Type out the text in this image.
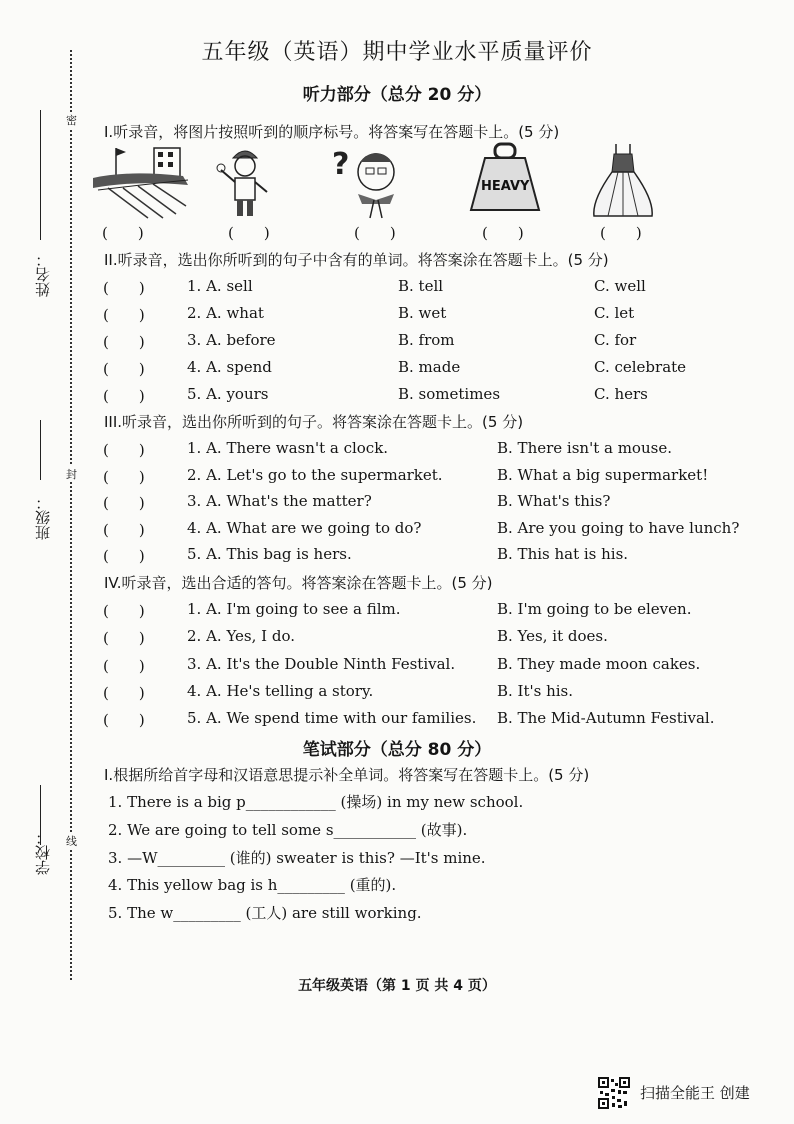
密
封
线
姓名：
班级：
学校：
五年级（英语）期中学业水平质量评价
听力部分（总分 20 分）
I.听录音，将图片按照听到的顺序标号。将答案写在答题卡上。(5 分)
?
HEAVY
(　　)	(　　)	(　　)	(　　)	(　　)
II.听录音，选出你所听到的句子中含有的单词。将答案涂在答题卡上。(5 分)
(　　)	1. A. sell	B. tell	C. well
(　　)	2. A. what	B. wet	C. let
(　　)	3. A. before	B. from	C. for
(　　)	4. A. spend	B. made	C. celebrate
(　　)	5. A. yours	B. sometimes	C. hers
III.听录音，选出你所听到的句子。将答案涂在答题卡上。(5 分)
(　　)	1. A. There wasn't a clock.	B. There isn't a mouse.
(　　)	2. A. Let's go to the supermarket.	B. What a big supermarket!
(　　)	3. A. What's the matter?	B. What's this?
(　　)	4. A. What are we going to do?	B. Are you going to have lunch?
(　　)	5. A. This bag is hers.	B. This hat is his.
IV.听录音，选出合适的答句。将答案涂在答题卡上。(5 分)
(　　)	1. A. I'm going to see a film.	B. I'm going to be eleven.
(　　)	2. A. Yes, I do.	B. Yes, it does.
(　　)	3. A. It's the Double Ninth Festival.	B. They made moon cakes.
(　　)	4. A. He's telling a story.	B. It's his.
(　　)	5. A. We spend time with our families. B. The Mid-Autumn Festival.
笔试部分（总分 80 分）
I.根据所给首字母和汉语意思提示补全单词。将答案写在答题卡上。(5 分)
1. There is a big p____________ (操场) in my new school.
2. We are going to tell some s___________ (故事).
3. —W_________ (谁的) sweater is this? —It's mine.
4. This yellow bag is h_________ (重的).
5. The w_________ (工人) are still working.
五年级英语（第 1 页 共 4 页）
扫描全能王 创建
